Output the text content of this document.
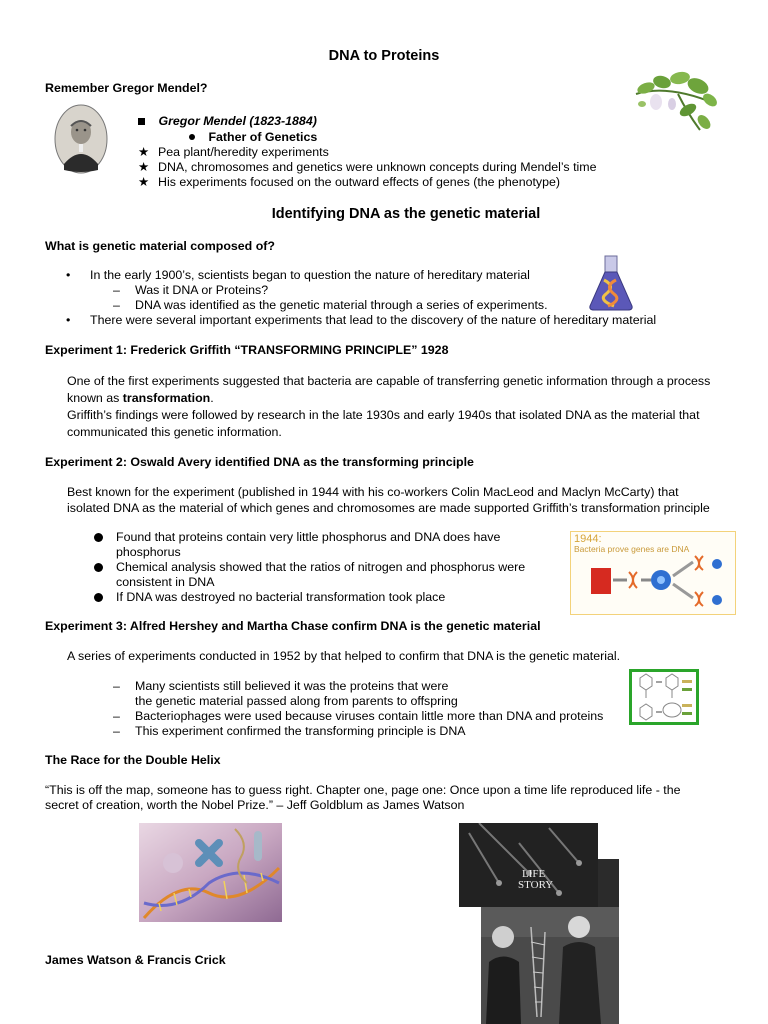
DNA to Proteins
Remember Gregor Mendel?
Gregor Mendel (1823-1884)
Father of Genetics
★ Pea plant/heredity experiments
★ DNA, chromosomes and genetics were unknown concepts during Mendel’s time
★ His experiments focused on the outward effects of genes (the phenotype)
Identifying DNA as the genetic material
What is genetic material composed of?
• In the early 1900’s, scientists began to question the nature of hereditary material
– Was it DNA or Proteins?
– DNA was identified as the genetic material through a series of experiments.
• There were several important experiments that lead to the discovery of the nature of hereditary material
Experiment 1: Frederick Griffith “TRANSFORMING PRINCIPLE” 1928
One of the first experiments suggested that bacteria are capable of transferring genetic information through a process
known as transformation.
Griffith’s findings were followed by research in the late 1930s and early 1940s that isolated DNA as the material that
communicated this genetic information.
Experiment 2: Oswald Avery identified DNA as the transforming principle
Best known for the experiment (published in 1944 with his co-workers Colin MacLeod and Maclyn McCarty) that
isolated DNA as the material of which genes and chromosomes are made supported Griffith’s transformation principle
Found that proteins contain very little phosphorus and DNA does have
phosphorus
Chemical analysis showed that the ratios of nitrogen and phosphorus were
consistent in DNA
If DNA was destroyed no bacterial transformation took place
1944:
Bacteria prove genes are DNA
Experiment 3: Alfred Hershey and Martha Chase confirm DNA is the genetic material
A series of experiments conducted in 1952 by that helped to confirm that DNA is the genetic material.
– Many scientists still believed it was the proteins that were
the genetic material passed along from parents to offspring
– Bacteriophages were used because viruses contain little more than DNA and proteins
– This experiment confirmed the transforming principle is DNA
The Race for the Double Helix
“This is off the map, someone has to guess right. Chapter one, page one: Once upon a time life reproduced life - the
secret of creation, worth the Nobel Prize.” – Jeff Goldblum as James Watson
LIFE
STORY
James Watson & Francis Crick
